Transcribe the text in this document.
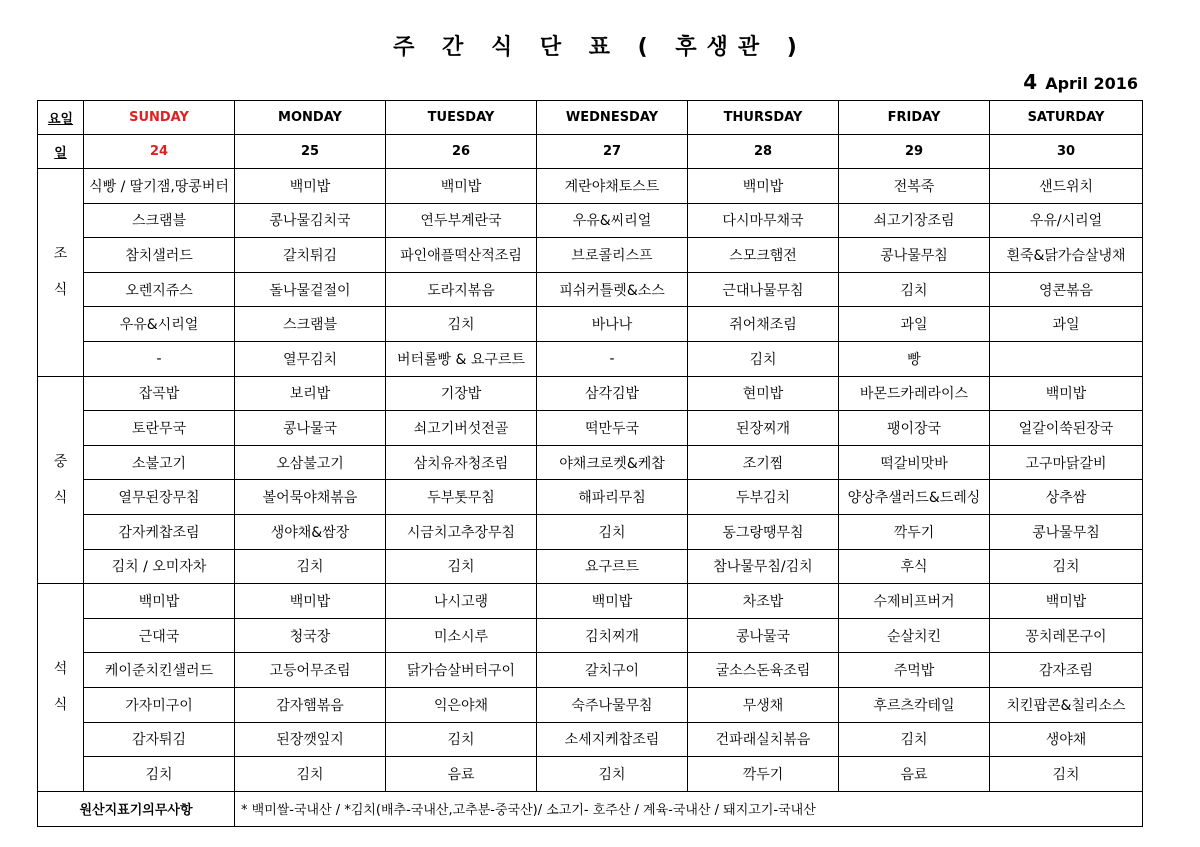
주 간 식 단 표 ( 후생관 )
4 April 2016
요일	SUNDAY	MONDAY	TUESDAY	WEDNESDAY	THURSDAY	FRIDAY	SATURDAY
일	24	25	26	27	28	29	30

조
식	식빵 / 딸기잼,땅콩버터	백미밥	백미밥	계란야채토스트	백미밥	전복죽	샌드위치
	스크램블	콩나물김치국	연두부계란국	우유&씨리얼	다시마무채국	쇠고기장조림	우유/시리얼
	참치샐러드	갈치튀김	파인애플떡산적조림	브로콜리스프	스모크햄전	콩나물무침	흰죽&닭가슴살냉채
	오렌지쥬스	돌나물겉절이	도라지볶음	피쉬커틀렛&소스	근대나물무침	김치	영콘볶음
	우유&시리얼	스크램블	김치	바나나	쥐어채조림	과일	과일
	-	열무김치	버터롤빵 & 요구르트	-	김치	빵	

중
식	잡곡밥	보리밥	기장밥	삼각김밥	현미밥	바몬드카레라이스	백미밥
	토란무국	콩나물국	쇠고기버섯전골	떡만두국	된장찌개	팽이장국	얼갈이쑥된장국
	소불고기	오삼불고기	삼치유자청조림	야채크로켓&케찹	조기찜	떡갈비맛바	고구마닭갈비
	열무된장무침	볼어묵야채볶음	두부톳무침	해파리무침	두부김치	양상추샐러드&드레싱	상추쌈
	감자케찹조림	생야채&쌈장	시금치고추장무침	김치	동그랑땡무침	깍두기	콩나물무침
	김치 / 오미자차	김치	김치	요구르트	참나물무침/김치	후식	김치

석
식	백미밥	백미밥	나시고랭	백미밥	차조밥	수제비프버거	백미밥
	근대국	청국장	미소시루	김치찌개	콩나물국	순살치킨	꽁치레몬구이
	케이준치킨샐러드	고등어무조림	닭가슴살버터구이	갈치구이	굴소스돈육조림	주먹밥	감자조림
	가자미구이	감자햄볶음	익은야채	숙주나물무침	무생채	후르츠칵테일	치킨팝콘&칠리소스
	감자튀김	된장깻잎지	김치	소세지케찹조림	건파래실치볶음	김치	생야채
	김치	김치	음료	김치	깍두기	음료	김치
원산지표기의무사항		* 백미쌀-국내산 / *김치(배추-국내산,고추분-중국산)/ 소고기- 호주산 / 계육-국내산 / 돼지고기-국내산					
